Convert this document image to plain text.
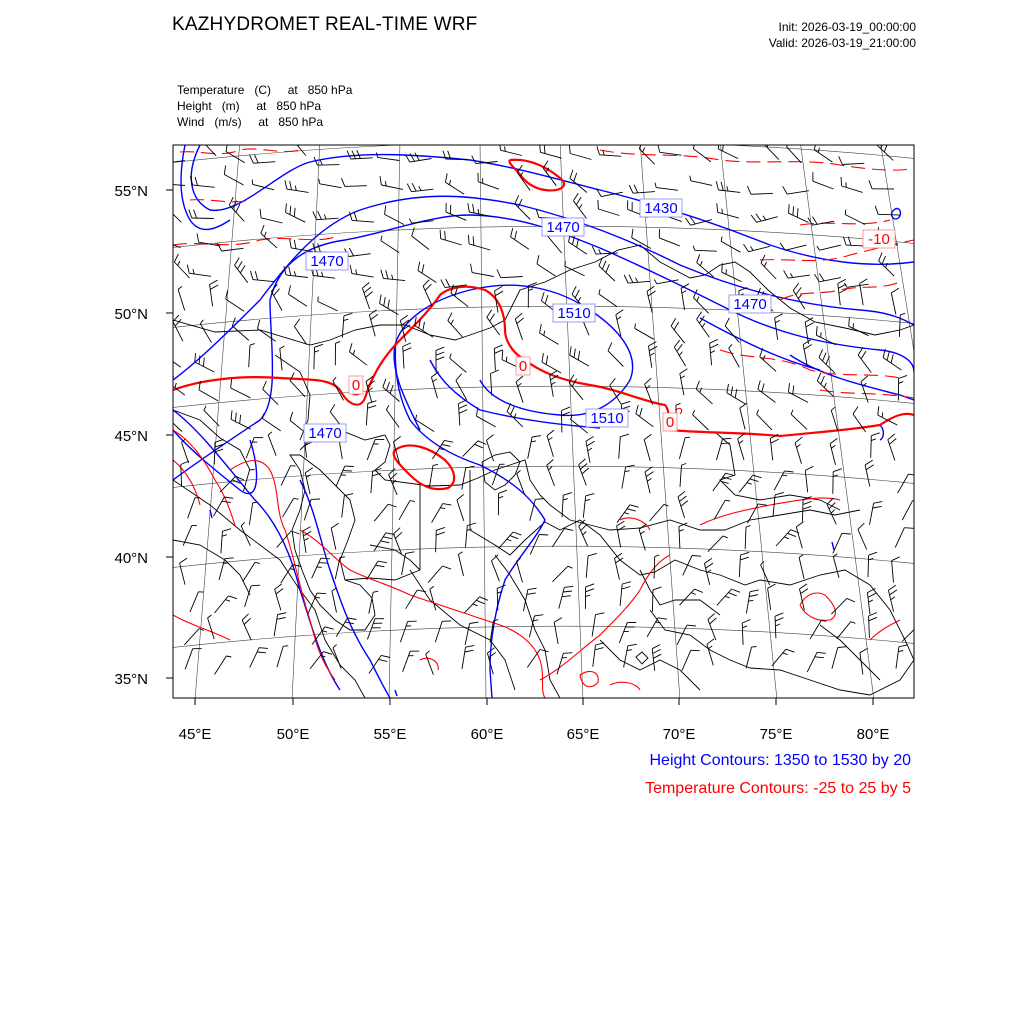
KAZHYDROMET REAL-TIME WRF	Init: 2026-03-19_00:00:00
Valid: 2026-03-19_21:00:00
Temperature   (C)     at   850 hPa
Height   (m)     at   850 hPa
Wind   (m/s)     at   850 hPa
1430
1470
1470
1470
1470
1510
1510
-10
0
0
0
55°N
50°N
45°N
40°N
35°N
45°E	50°E	55°E	60°E	65°E	70°E	75°E	80°E
Height Contours: 1350 to 1530 by 20
Temperature Contours: -25 to 25 by 5
